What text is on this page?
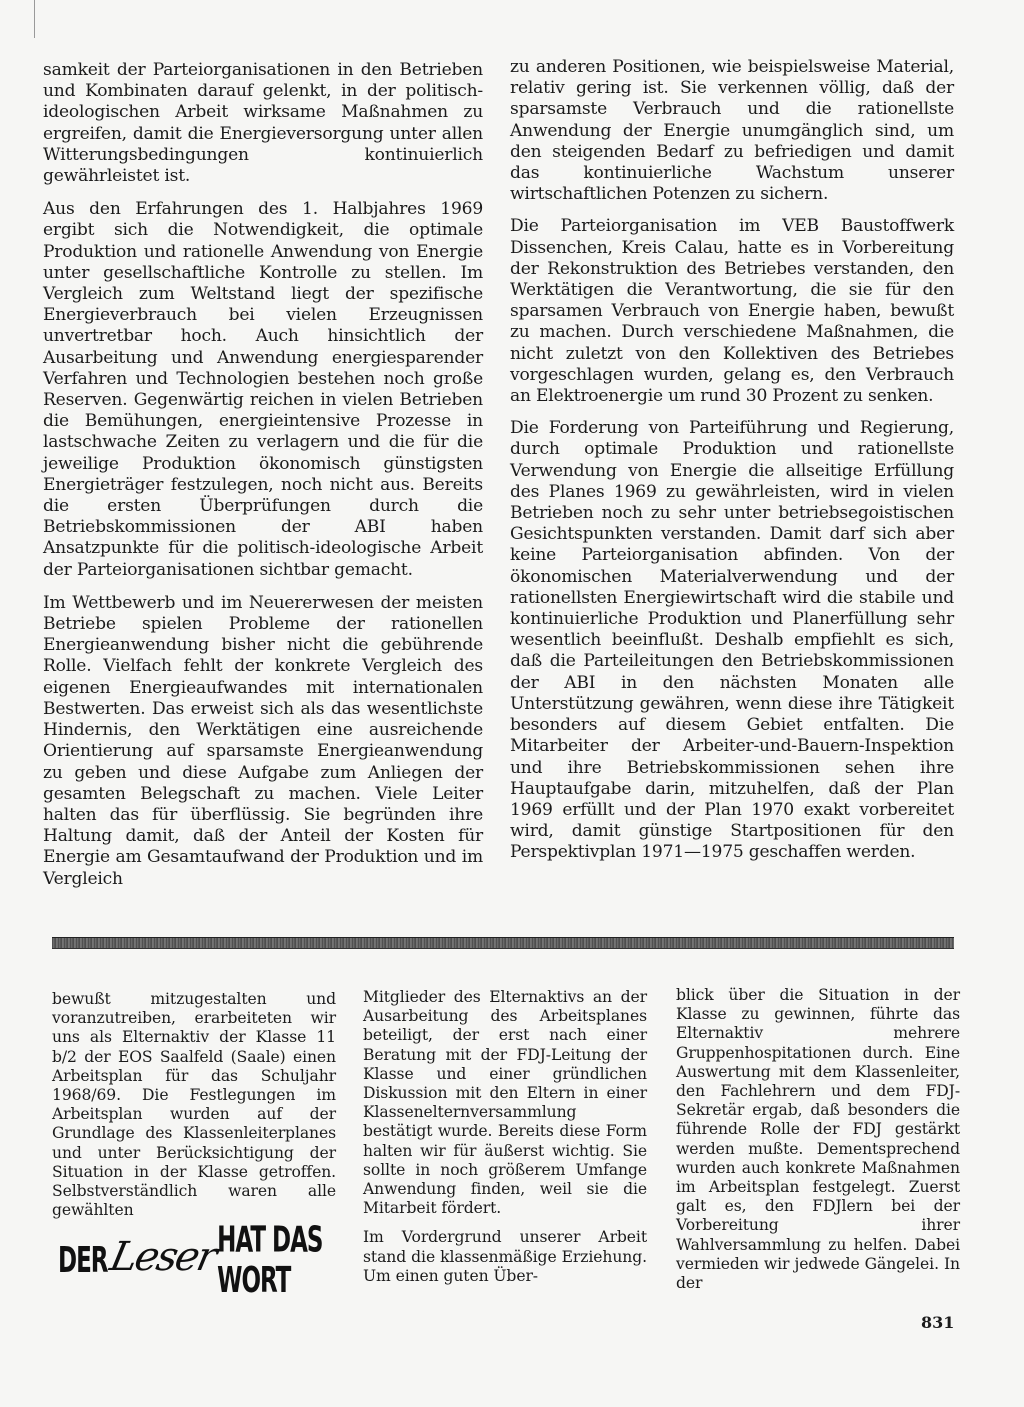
samkeit der Parteiorganisationen in den Betrieben und Kombinaten darauf gelenkt, in der politisch-ideologischen Arbeit wirksame Maßnahmen zu ergreifen, damit die Energieversorgung unter allen Witterungsbedingungen kontinuierlich gewährleistet ist.

Aus den Erfahrungen des 1. Halbjahres 1969 ergibt sich die Notwendigkeit, die optimale Produktion und rationelle Anwendung von Energie unter gesellschaftliche Kontrolle zu stellen. Im Vergleich zum Weltstand liegt der spezifische Energieverbrauch bei vielen Erzeugnissen unvertretbar hoch. Auch hinsichtlich der Ausarbeitung und Anwendung energiesparender Verfahren und Technologien bestehen noch große Reserven. Gegenwärtig reichen in vielen Betrieben die Bemühungen, energieintensive Prozesse in lastschwache Zeiten zu verlagern und die für die jeweilige Produktion ökonomisch günstigsten Energieträger festzulegen, noch nicht aus. Bereits die ersten Überprüfungen durch die Betriebskommissionen der ABI haben Ansatzpunkte für die politisch-ideologische Arbeit der Parteiorganisationen sichtbar gemacht.

Im Wettbewerb und im Neuererwesen der meisten Betriebe spielen Probleme der rationellen Energieanwendung bisher nicht die gebührende Rolle. Vielfach fehlt der konkrete Vergleich des eigenen Energieaufwandes mit internationalen Bestwerten. Das erweist sich als das wesentlichste Hindernis, den Werktätigen eine ausreichende Orientierung auf sparsamste Energieanwendung zu geben und diese Aufgabe zum Anliegen der gesamten Belegschaft zu machen. Viele Leiter halten das für überflüssig. Sie begründen ihre Haltung damit, daß der Anteil der Kosten für Energie am Gesamtaufwand der Produktion und im Vergleich

zu anderen Positionen, wie beispielsweise Material, relativ gering ist. Sie verkennen völlig, daß der sparsamste Verbrauch und die rationellste Anwendung der Energie unumgänglich sind, um den steigenden Bedarf zu befriedigen und damit das kontinuierliche Wachstum unserer wirtschaftlichen Potenzen zu sichern.

Die Parteiorganisation im VEB Baustoffwerk Dissenchen, Kreis Calau, hatte es in Vorbereitung der Rekonstruktion des Betriebes verstanden, den Werktätigen die Verantwortung, die sie für den sparsamen Verbrauch von Energie haben, bewußt zu machen. Durch verschiedene Maßnahmen, die nicht zuletzt von den Kollektiven des Betriebes vorgeschlagen wurden, gelang es, den Verbrauch an Elektroenergie um rund 30 Prozent zu senken.

Die Forderung von Parteiführung und Regierung, durch optimale Produktion und rationellste Verwendung von Energie die allseitige Erfüllung des Planes 1969 zu gewährleisten, wird in vielen Betrieben noch zu sehr unter betriebsegoistischen Gesichtspunkten verstanden. Damit darf sich aber keine Parteiorganisation abfinden. Von der ökonomischen Materialverwendung und der rationellsten Energiewirtschaft wird die stabile und kontinuierliche Produktion und Planerfüllung sehr wesentlich beeinflußt. Deshalb empfiehlt es sich, daß die Parteileitungen den Betriebskommissionen der ABI in den nächsten Monaten alle Unterstützung gewähren, wenn diese ihre Tätigkeit besonders auf diesem Gebiet entfalten. Die Mitarbeiter der Arbeiter-und-Bauern-Inspektion und ihre Betriebskommissionen sehen ihre Hauptaufgabe darin, mitzuhelfen, daß der Plan 1969 erfüllt und der Plan 1970 exakt vorbereitet wird, damit günstige Startpositionen für den Perspektivplan 1971—1975 geschaffen werden.

bewußt mitzugestalten und voranzutreiben, erarbeiteten wir uns als Elternaktiv der Klasse 11 b/2 der EOS Saalfeld (Saale) einen Arbeitsplan für das Schuljahr 1968/69. Die Festlegungen im Arbeitsplan wurden auf der Grundlage des Klassenleiterplanes und unter Berücksichtigung der Situation in der Klasse getroffen. Selbstverständlich waren alle gewählten

DER
Leser
HAT DAS WORT

Mitglieder des Elternaktivs an der Ausarbeitung des Arbeitsplanes beteiligt, der erst nach einer Beratung mit der FDJ-Leitung der Klasse und einer gründlichen Diskussion mit den Eltern in einer Klassenelternversammlung bestätigt wurde. Bereits diese Form halten wir für äußerst wichtig. Sie sollte in noch größerem Umfange Anwendung finden, weil sie die Mitarbeit fördert.

Im Vordergrund unserer Arbeit stand die klassenmäßige Erziehung. Um einen guten Über-

blick über die Situation in der Klasse zu gewinnen, führte das Elternaktiv mehrere Gruppenhospitationen durch. Eine Auswertung mit dem Klassenleiter, den Fachlehrern und dem FDJ-Sekretär ergab, daß besonders die führende Rolle der FDJ gestärkt werden mußte. Dementsprechend wurden auch konkrete Maßnahmen im Arbeitsplan festgelegt. Zuerst galt es, den FDJlern bei der Vorbereitung ihrer Wahlversammlung zu helfen. Dabei vermieden wir jedwede Gängelei. In der

831
